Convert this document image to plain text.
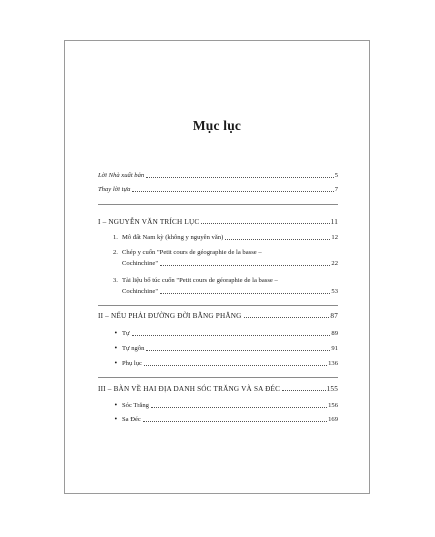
Mục lục
Lời Nhà xuất bản	5
Thay lời tựa	7
I – NGUYỄN VĂN TRÍCH LỤC	11
1. Mô đất Nam kỳ (không y nguyên văn)	12
2. Chép y cuốn "Petit cours de géographie de la basse –
Cochinchine"	22
3. Tài liệu bổ túc cuốn "Petit cours de géoraphie de la basse –
Cochinchine"	53
II – NẾU PHẢI ĐƯỜNG ĐỜI BẰNG PHẲNG	87
• Tự	89
• Tự ngôn	91
• Phụ lục	136
III – BÀN VỀ HAI ĐỊA DANH SÓC TRĂNG VÀ SA ĐÉC	155
• Sóc Trăng	156
• Sa Đéc	169
